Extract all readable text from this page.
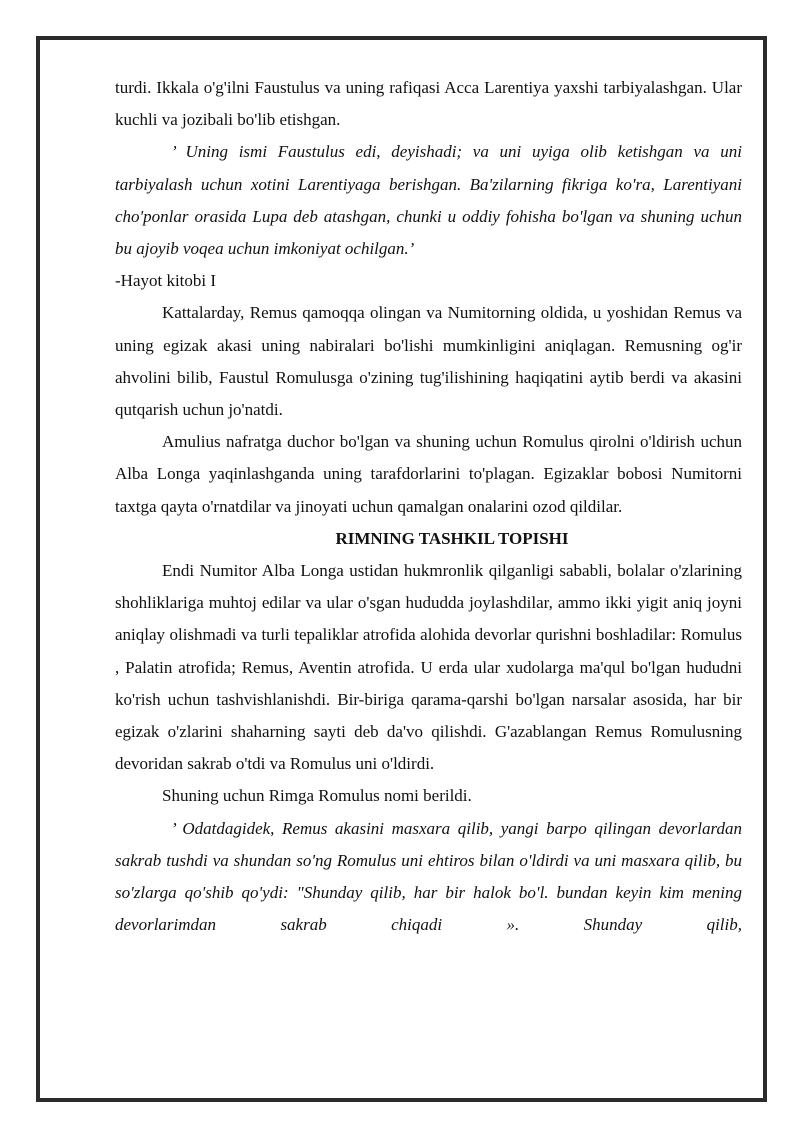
turdi. Ikkala o'g'ilni Faustulus va uning rafiqasi Acca Larentiya yaxshi tarbiyalashgan. Ular kuchli va jozibali bo'lib etishgan.

’ Uning ismi Faustulus edi, deyishadi; va uni uyiga olib ketishgan va uni tarbiyalash uchun xotini Larentiyaga berishgan. Ba'zilarning fikriga ko'ra, Larentiyani cho'ponlar orasida Lupa deb atashgan, chunki u oddiy fohisha bo'lgan va shuning uchun bu ajoyib voqea uchun imkoniyat ochilgan.’

-Hayot kitobi I

Kattalarday, Remus qamoqqa olingan va Numitorning oldida, u yoshidan Remus va uning egizak akasi uning nabiralari bo'lishi mumkinligini aniqlagan. Remusning og'ir ahvolini bilib, Faustul Romulusga o'zining tug'ilishining haqiqatini aytib berdi va akasini qutqarish uchun jo'natdi.

Amulius nafratga duchor bo'lgan va shuning uchun Romulus qirolni o'ldirish uchun Alba Longa yaqinlashganda uning tarafdorlarini to'plagan. Egizaklar bobosi Numitorni taxtga qayta o'rnatdilar va jinoyati uchun qamalgan onalarini ozod qildilar.

RIMNING TASHKIL TOPISHI

Endi Numitor Alba Longa ustidan hukmronlik qilganligi sababli, bolalar o'zlarining shohliklariga muhtoj edilar va ular o'sgan hududda joylashdilar, ammo ikki yigit aniq joyni aniqlay olishmadi va turli tepaliklar atrofida alohida devorlar qurishni boshladilar: Romulus , Palatin atrofida; Remus, Aventin atrofida. U erda ular xudolarga ma'qul bo'lgan hududni ko'rish uchun tashvishlanishdi. Bir-biriga qarama-qarshi bo'lgan narsalar asosida, har bir egizak o'zlarini shaharning sayti deb da'vo qilishdi. G'azablangan Remus Romulusning devoridan sakrab o'tdi va Romulus uni o'ldirdi.

Shuning uchun Rimga Romulus nomi berildi.

’ Odatdagidek, Remus akasini masxara qilib, yangi barpo qilingan devorlardan sakrab tushdi va shundan so'ng Romulus uni ehtiros bilan o'ldirdi va uni masxara qilib, bu so'zlarga qo'shib qo'ydi: "Shunday qilib, har bir halok bo'l. bundan keyin kim mening devorlarimdan sakrab chiqadi ». Shunday qilib,
